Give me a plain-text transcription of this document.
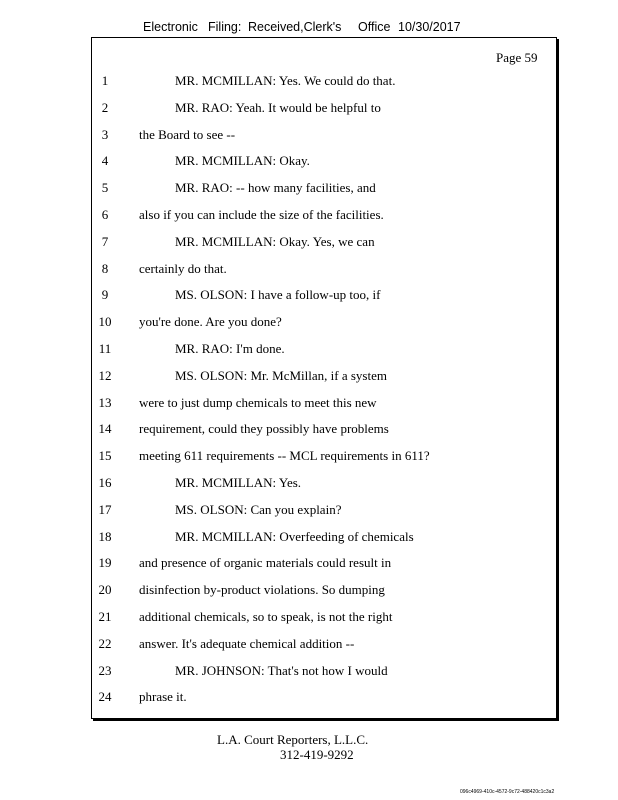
Electronic Filing: Received,Clerk's Office 10/30/2017
Page 59
1	MR. MCMILLAN: Yes. We could do that.
2	MR. RAO: Yeah. It would be helpful to
3	the Board to see --
4	MR. MCMILLAN: Okay.
5	MR. RAO: -- how many facilities, and
6	also if you can include the size of the facilities.
7	MR. MCMILLAN: Okay. Yes, we can
8	certainly do that.
9	MS. OLSON: I have a follow-up too, if
10	you're done. Are you done?
11	MR. RAO: I'm done.
12	MS. OLSON: Mr. McMillan, if a system
13	were to just dump chemicals to meet this new
14	requirement, could they possibly have problems
15	meeting 611 requirements -- MCL requirements in 611?
16	MR. MCMILLAN: Yes.
17	MS. OLSON: Can you explain?
18	MR. MCMILLAN: Overfeeding of chemicals
19	and presence of organic materials could result in
20	disinfection by-product violations. So dumping
21	additional chemicals, so to speak, is not the right
22	answer. It's adequate chemical addition --
23	MR. JOHNSON: That's not how I would
24	phrase it.
L.A. Court Reporters, L.L.C.
312-419-9292
096c4969-410c-4572-9c72-488420c1c3a2
